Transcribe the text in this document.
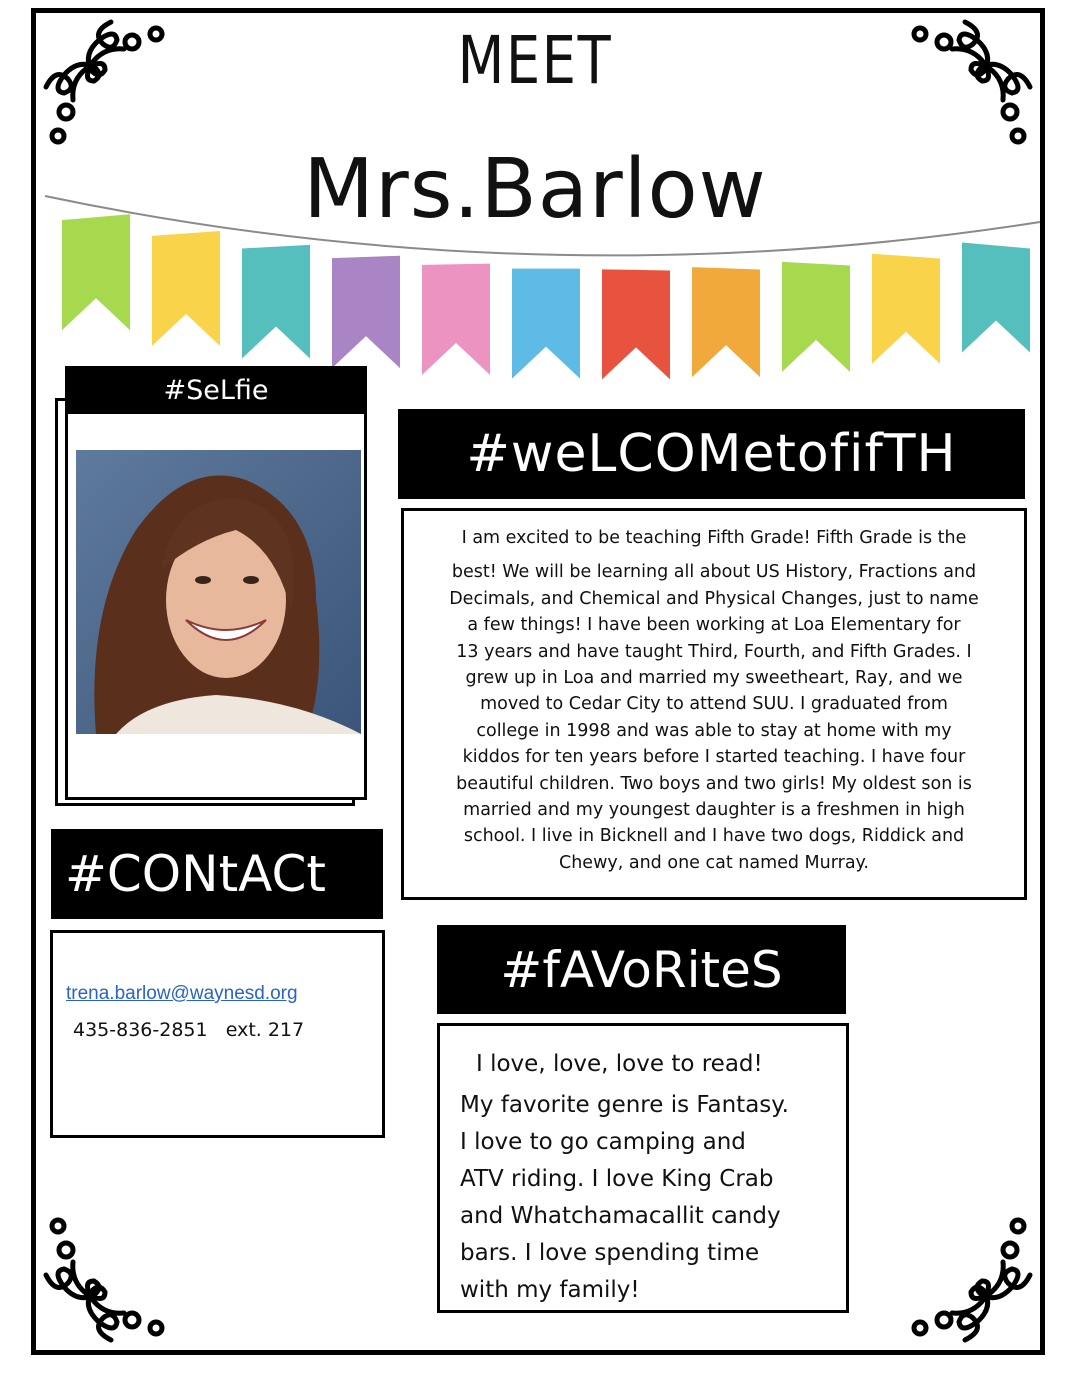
MEET
Mrs.Barlow
#SeLfie
#weLCOMetofifTH
I am excited to be teaching Fifth Grade! Fifth Grade is the
best! We will be learning all about US History, Fractions and
Decimals, and Chemical and Physical Changes, just to name
a few things! I have been working at Loa Elementary for
13 years and have taught Third, Fourth, and Fifth Grades. I
grew up in Loa and married my sweetheart, Ray, and we
moved to Cedar City to attend SUU. I graduated from
college in 1998 and was able to stay at home with my
kiddos for ten years before I started teaching. I have four
beautiful children. Two boys and two girls! My oldest son is
married and my youngest daughter is a freshmen in high
school. I live in Bicknell and I have two dogs, Riddick and
Chewy, and one cat named Murray.
#CONtACt
trena.barlow@waynesd.org
435-836-2851   ext. 217
#fAVoRiteS
I love, love, love to read!
My favorite genre is Fantasy.
I love to go camping and
ATV riding. I love King Crab
and Whatchamacallit candy
bars. I love spending time
with my family!
